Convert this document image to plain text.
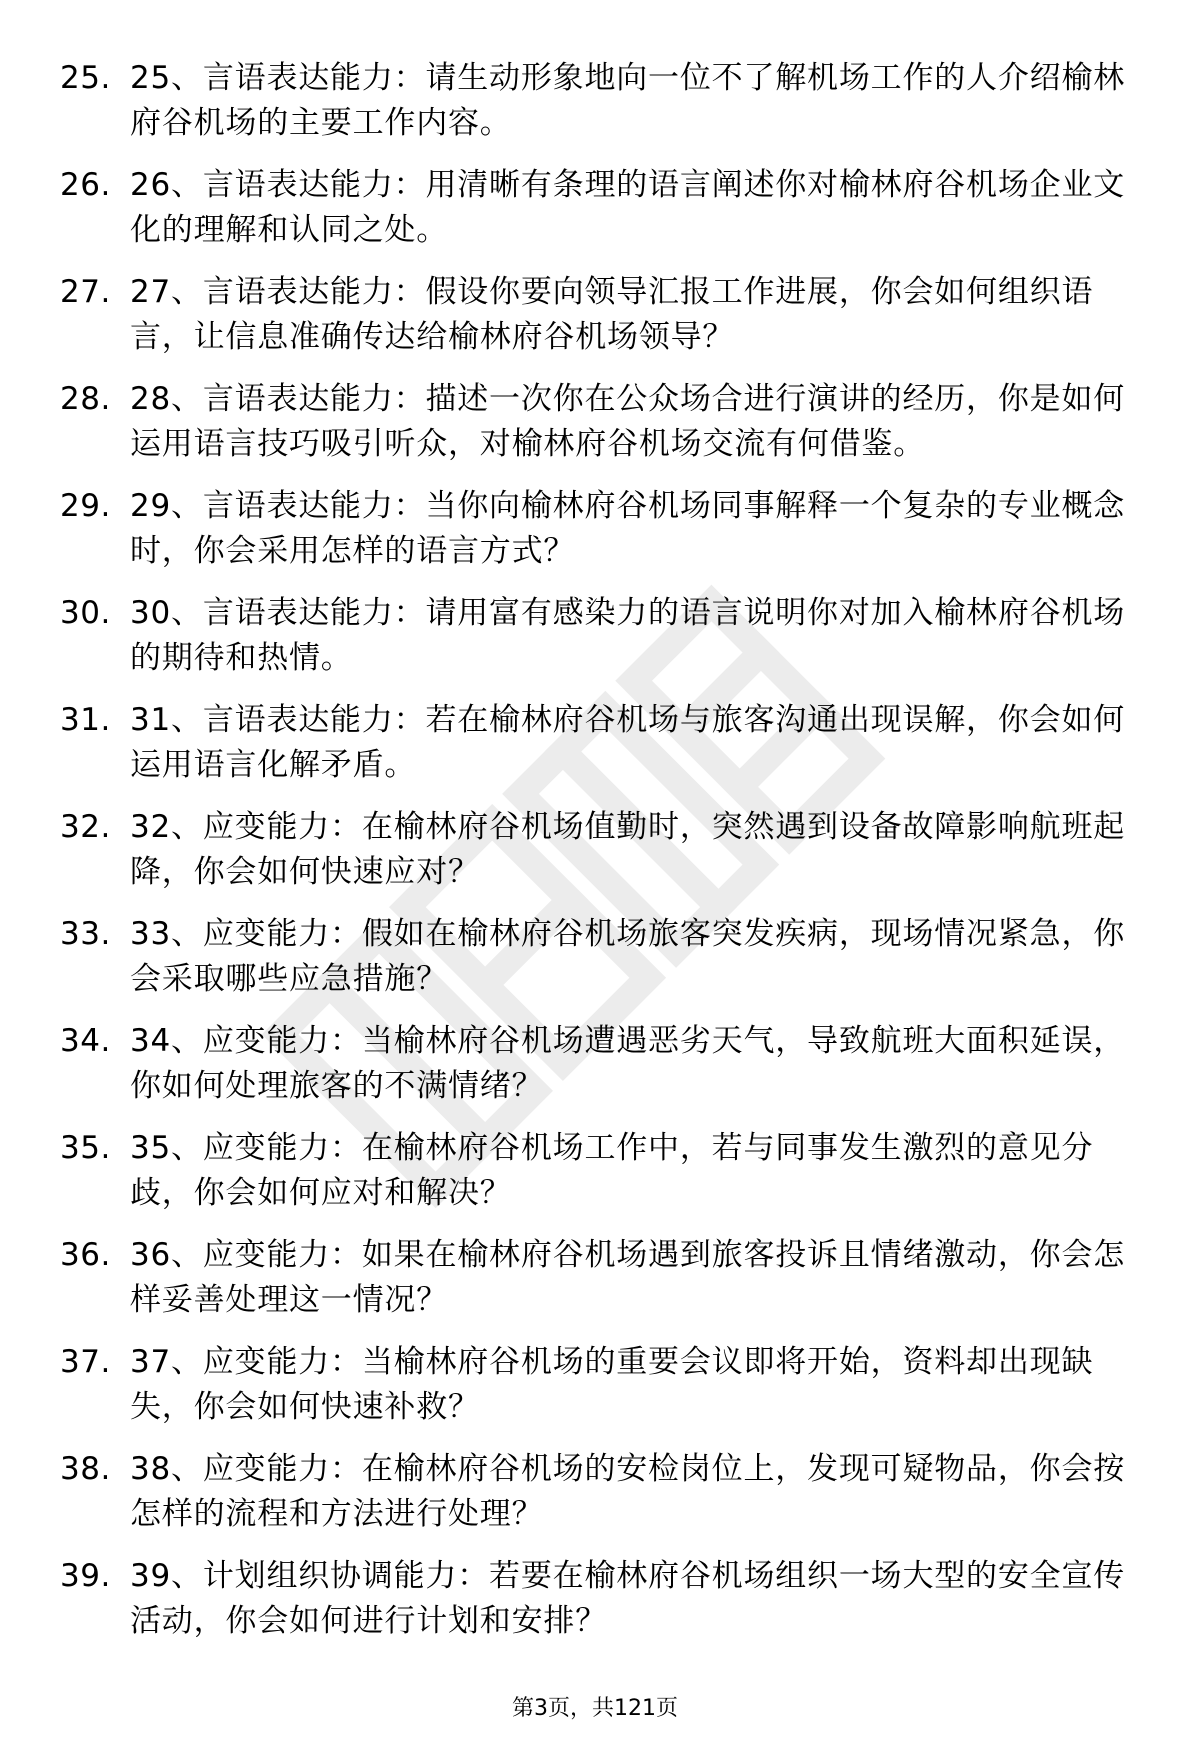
25. 25、言语表达能力：请生动形象地向一位不了解机场工作的人介绍榆林府谷机场的主要工作内容。
26. 26、言语表达能力：用清晰有条理的语言阐述你对榆林府谷机场企业文化的理解和认同之处。
27. 27、言语表达能力：假设你要向领导汇报工作进展，你会如何组织语言，让信息准确传达给榆林府谷机场领导？
28. 28、言语表达能力：描述一次你在公众场合进行演讲的经历，你是如何运用语言技巧吸引听众，对榆林府谷机场交流有何借鉴。
29. 29、言语表达能力：当你向榆林府谷机场同事解释一个复杂的专业概念时，你会采用怎样的语言方式？
30. 30、言语表达能力：请用富有感染力的语言说明你对加入榆林府谷机场的期待和热情。
31. 31、言语表达能力：若在榆林府谷机场与旅客沟通出现误解，你会如何运用语言化解矛盾。
32. 32、应变能力：在榆林府谷机场值勤时，突然遇到设备故障影响航班起降，你会如何快速应对？
33. 33、应变能力：假如在榆林府谷机场旅客突发疾病，现场情况紧急，你会采取哪些应急措施？
34. 34、应变能力：当榆林府谷机场遭遇恶劣天气，导致航班大面积延误，你如何处理旅客的不满情绪？
35. 35、应变能力：在榆林府谷机场工作中，若与同事发生激烈的意见分歧，你会如何应对和解决？
36. 36、应变能力：如果在榆林府谷机场遇到旅客投诉且情绪激动，你会怎样妥善处理这一情况？
37. 37、应变能力：当榆林府谷机场的重要会议即将开始，资料却出现缺失，你会如何快速补救？
38. 38、应变能力：在榆林府谷机场的安检岗位上，发现可疑物品，你会按怎样的流程和方法进行处理？
39. 39、计划组织协调能力：若要在榆林府谷机场组织一场大型的安全宣传活动，你会如何进行计划和安排？
第3页，共121页
